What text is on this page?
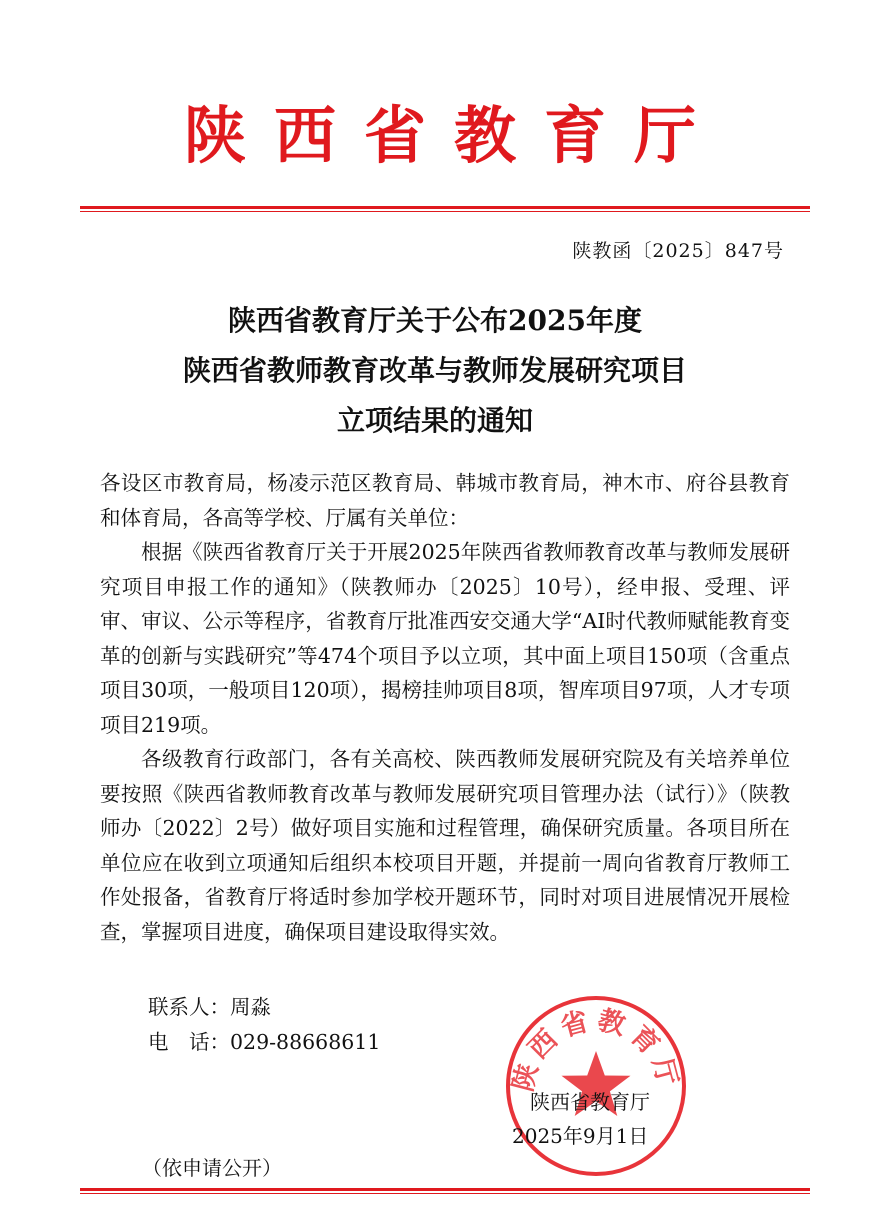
陕西省教育厅
陕教函〔2025〕847号
陕西省教育厅关于公布2025年度
陕西省教师教育改革与教师发展研究项目
立项结果的通知

各设区市教育局，杨凌示范区教育局、韩城市教育局，神木市、府谷县教育和体育局，各高等学校、厅属有关单位：

根据《陕西省教育厅关于开展2025年陕西省教师教育改革与教师发展研究项目申报工作的通知》（陕教师办〔2025〕10号），经申报、受理、评审、审议、公示等程序，省教育厅批准西安交通大学“AI时代教师赋能教育变革的创新与实践研究”等474个项目予以立项，其中面上项目150项（含重点项目30项，一般项目120项），揭榜挂帅项目8项，智库项目97项，人才专项项目219项。

各级教育行政部门，各有关高校、陕西教师发展研究院及有关培养单位要按照《陕西省教师教育改革与教师发展研究项目管理办法（试行）》（陕教师办〔2022〕2号）做好项目实施和过程管理，确保研究质量。各项目所在单位应在收到立项通知后组织本校项目开题，并提前一周向省教育厅教师工作处报备，省教育厅将适时参加学校开题环节，同时对项目进展情况开展检查，掌握项目进度，确保项目建设取得实效。

联系人：周淼
电　话：029-88668611
陕西省教育厅
陕西省教育厅
2025年9月1日
（依申请公开）
